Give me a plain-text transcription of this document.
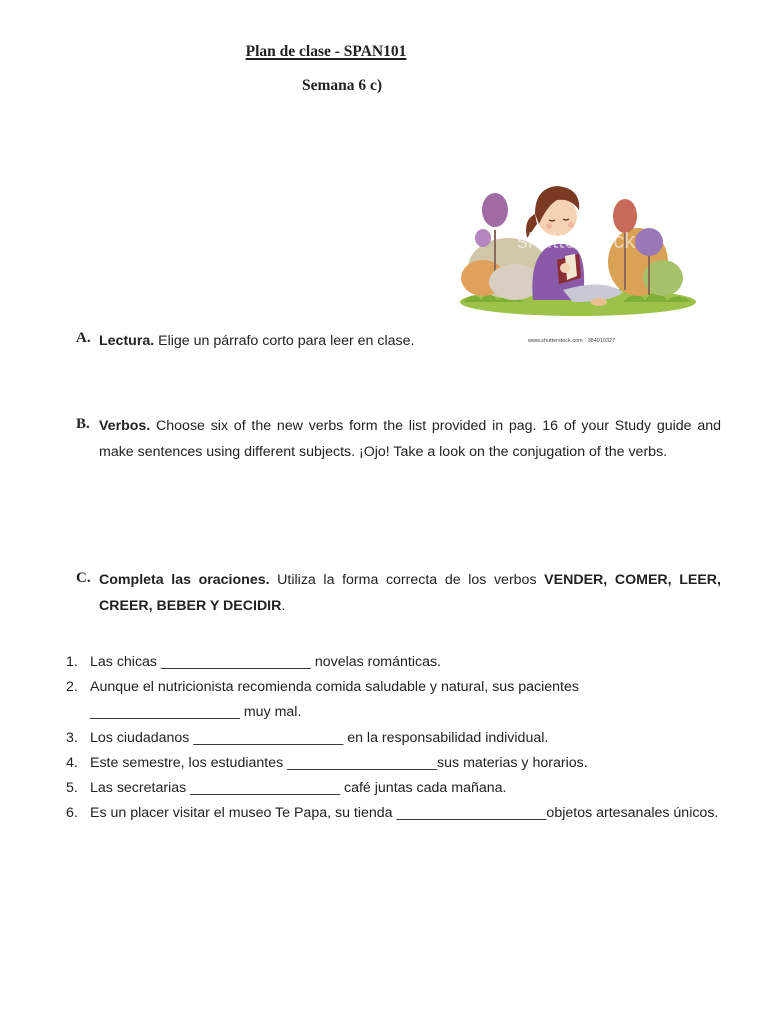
Plan de clase - SPAN101
Semana 6 c)
shutterstock
www.shutterstock.com · 384910327
A. Lectura. Elige un párrafo corto para leer en clase.
B. Verbos. Choose six of the new verbs form the list provided in pag. 16 of your Study guide and make sentences using different subjects. ¡Ojo! Take a look on the conjugation of the verbs.
C. Completa las oraciones. Utiliza la forma correcta de los verbos VENDER, COMER, LEER, CREER, BEBER Y DECIDIR.
1. Las chicas ___________________ novelas románticas.
2. Aunque el nutricionista recomienda comida saludable y natural, sus pacientes ___________________ muy mal.
3. Los ciudadanos ___________________ en la responsabilidad individual.
4. Este semestre, los estudiantes ___________________sus materias y horarios.
5. Las secretarias ___________________ café juntas cada mañana.
6. Es un placer visitar el museo Te Papa, su tienda ___________________objetos artesanales únicos.
